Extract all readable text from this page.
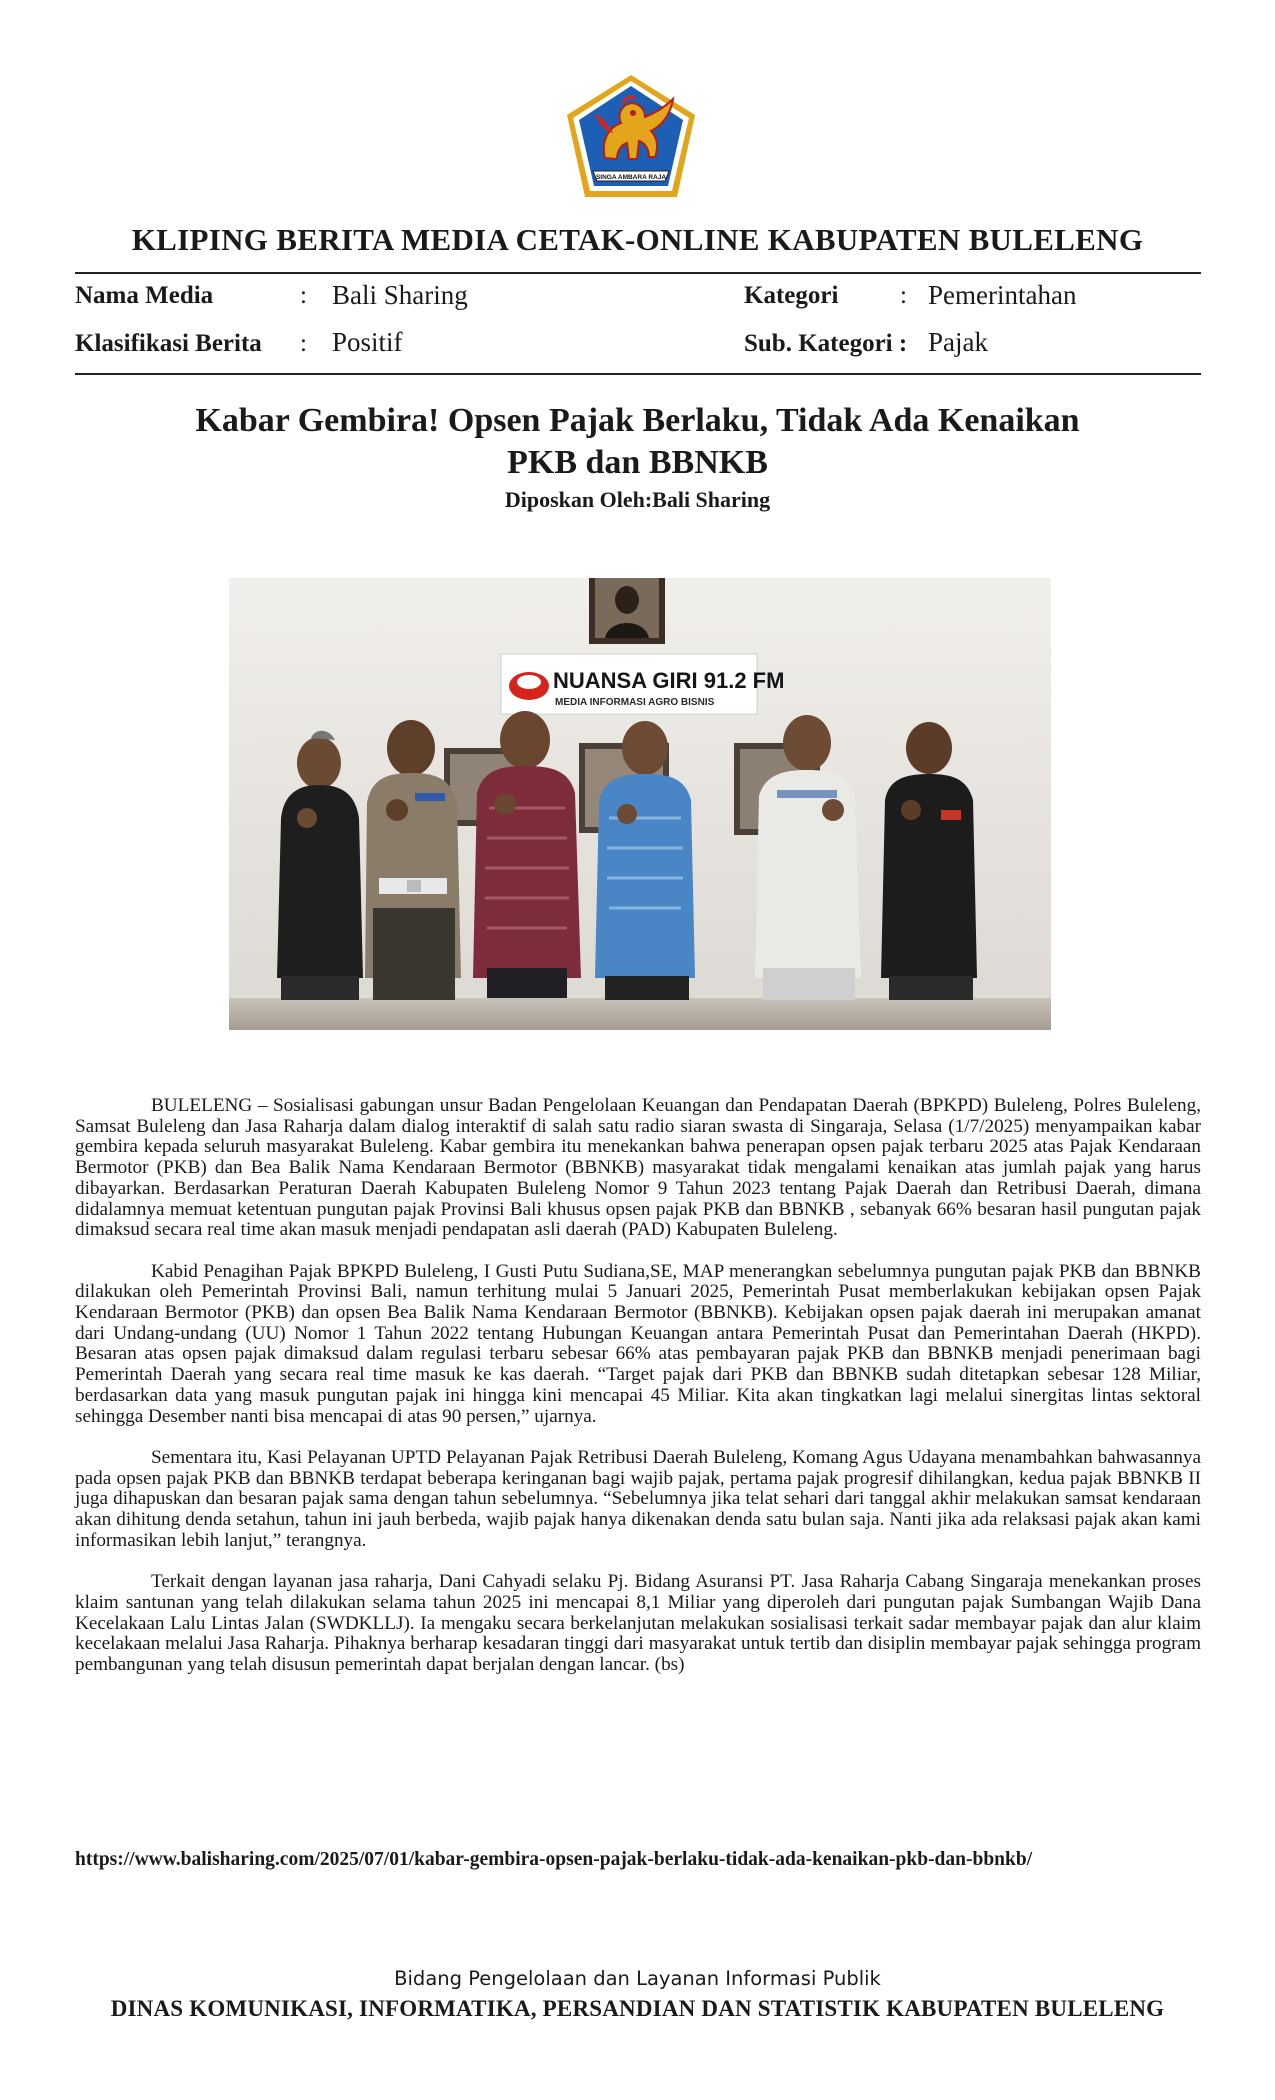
SINGA AMBARA RAJA
KLIPING BERITA MEDIA CETAK-ONLINE KABUPATEN BULELENG
Nama Media	: Bali Sharing	Kategori : Pemerintahan
Klasifikasi Berita : Positif	Sub. Kategori : Pajak
Kabar Gembira! Opsen Pajak Berlaku, Tidak Ada Kenaikan
PKB dan BBNKB
Diposkan Oleh:Bali Sharing
NUANSA GIRI 91.2 FM
MEDIA INFORMASI AGRO BISNIS

BULELENG – Sosialisasi gabungan unsur Badan Pengelolaan Keuangan dan Pendapatan Daerah (BPKPD) Buleleng, Polres Buleleng, Samsat Buleleng dan Jasa Raharja dalam dialog interaktif di salah satu radio siaran swasta di Singaraja, Selasa (1/7/2025) menyampaikan kabar gembira kepada seluruh masyarakat Buleleng. Kabar gembira itu menekankan bahwa penerapan opsen pajak terbaru 2025 atas Pajak Kendaraan Bermotor (PKB) dan Bea Balik Nama Kendaraan Bermotor (BBNKB) masyarakat tidak mengalami kenaikan atas jumlah pajak yang harus dibayarkan. Berdasarkan Peraturan Daerah Kabupaten Buleleng Nomor 9 Tahun 2023 tentang Pajak Daerah dan Retribusi Daerah, dimana didalamnya memuat ketentuan pungutan pajak Provinsi Bali khusus opsen pajak PKB dan BBNKB , sebanyak 66% besaran hasil pungutan pajak dimaksud secara real time akan masuk menjadi pendapatan asli daerah (PAD) Kabupaten Buleleng.

Kabid Penagihan Pajak BPKPD Buleleng, I Gusti Putu Sudiana,SE, MAP menerangkan sebelumnya pungutan pajak PKB dan BBNKB dilakukan oleh Pemerintah Provinsi Bali, namun terhitung mulai 5 Januari 2025, Pemerintah Pusat memberlakukan kebijakan opsen Pajak Kendaraan Bermotor (PKB) dan opsen Bea Balik Nama Kendaraan Bermotor (BBNKB). Kebijakan opsen pajak daerah ini merupakan amanat dari Undang-undang (UU) Nomor 1 Tahun 2022 tentang Hubungan Keuangan antara Pemerintah Pusat dan Pemerintahan Daerah (HKPD). Besaran atas opsen pajak dimaksud dalam regulasi terbaru sebesar 66% atas pembayaran pajak PKB dan BBNKB menjadi penerimaan bagi Pemerintah Daerah yang secara real time masuk ke kas daerah. “Target pajak dari PKB dan BBNKB sudah ditetapkan sebesar 128 Miliar, berdasarkan data yang masuk pungutan pajak ini hingga kini mencapai 45 Miliar. Kita akan tingkatkan lagi melalui sinergitas lintas sektoral sehingga Desember nanti bisa mencapai di atas 90 persen,” ujarnya.

Sementara itu, Kasi Pelayanan UPTD Pelayanan Pajak Retribusi Daerah Buleleng, Komang Agus Udayana menambahkan bahwasannya pada opsen pajak PKB dan BBNKB terdapat beberapa keringanan bagi wajib pajak, pertama pajak progresif dihilangkan, kedua pajak BBNKB II juga dihapuskan dan besaran pajak sama dengan tahun sebelumnya. “Sebelumnya jika telat sehari dari tanggal akhir melakukan samsat kendaraan akan dihitung denda setahun, tahun ini jauh berbeda, wajib pajak hanya dikenakan denda satu bulan saja. Nanti jika ada relaksasi pajak akan kami informasikan lebih lanjut,” terangnya.

Terkait dengan layanan jasa raharja, Dani Cahyadi selaku Pj. Bidang Asuransi PT. Jasa Raharja Cabang Singaraja menekankan proses klaim santunan yang telah dilakukan selama tahun 2025 ini mencapai 8,1 Miliar yang diperoleh dari pungutan pajak Sumbangan Wajib Dana Kecelakaan Lalu Lintas Jalan (SWDKLLJ). Ia mengaku secara berkelanjutan melakukan sosialisasi terkait sadar membayar pajak dan alur klaim kecelakaan melalui Jasa Raharja. Pihaknya berharap kesadaran tinggi dari masyarakat untuk tertib dan disiplin membayar pajak sehingga program pembangunan yang telah disusun pemerintah dapat berjalan dengan lancar. (bs)

https://www.balisharing.com/2025/07/01/kabar-gembira-opsen-pajak-berlaku-tidak-ada-kenaikan-pkb-dan-bbnkb/
Bidang Pengelolaan dan Layanan Informasi Publik
DINAS KOMUNIKASI, INFORMATIKA, PERSANDIAN DAN STATISTIK KABUPATEN BULELENG
